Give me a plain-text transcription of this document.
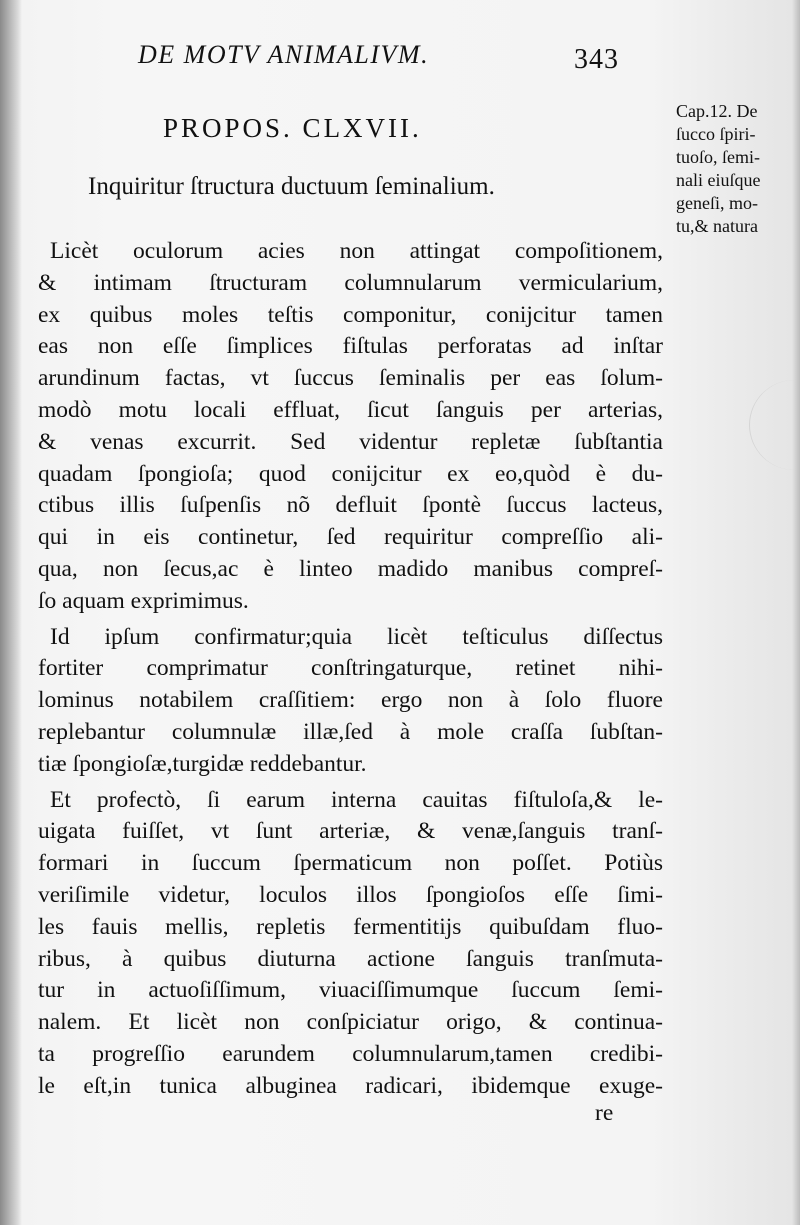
DE MOTV ANIMALIVM.	343
PROPOS. CLXVII.
Inquiritur ſtructura ductuum ſeminalium.
Cap.12. De
ſucco ſpiri-
tuoſo, ſemi-
nali eiuſque
geneſi, mo-
tu,& natura
Licèt oculorum acies non attingat compoſitionem,
& intimam ſtructuram columnularum vermicularium,
ex quibus moles teſtis componitur, conijcitur tamen
eas non eſſe ſimplices fiſtulas perforatas ad inſtar
arundinum factas, vt ſuccus ſeminalis per eas ſolum-
modò motu locali effluat, ſicut ſanguis per arterias,
& venas excurrit. Sed videntur repletæ ſubſtantia
quadam ſpongioſa; quod conijcitur ex eo,quòd è du-
ctibus illis ſuſpenſis nõ defluit ſpontè ſuccus lacteus,
qui in eis continetur, ſed requiritur compreſſio ali-
qua, non ſecus,ac è linteo madido manibus compreſ-
ſo aquam exprimimus.
Id ipſum confirmatur;quia licèt teſticulus diſſectus
fortiter comprimatur conſtringaturque, retinet nihi-
lominus notabilem craſſitiem: ergo non à ſolo fluore
replebantur columnulæ illæ,ſed à mole craſſa ſubſtan-
tiæ ſpongioſæ,turgidæ reddebantur.
Et profectò, ſi earum interna cauitas fiſtuloſa,& le-
uigata fuiſſet, vt ſunt arteriæ, & venæ,ſanguis tranſ-
formari in ſuccum ſpermaticum non poſſet. Potiùs
veriſimile videtur, loculos illos ſpongioſos eſſe ſimi-
les fauis mellis, repletis fermentitijs quibuſdam fluo-
ribus, à quibus diuturna actione ſanguis tranſmuta-
tur in actuoſiſſimum, viuaciſſimumque ſuccum ſemi-
nalem. Et licèt non conſpiciatur origo, & continua-
ta progreſſio earundem columnularum,tamen credibi-
le eſt,in tunica albuginea radicari, ibidemque exuge-
re
